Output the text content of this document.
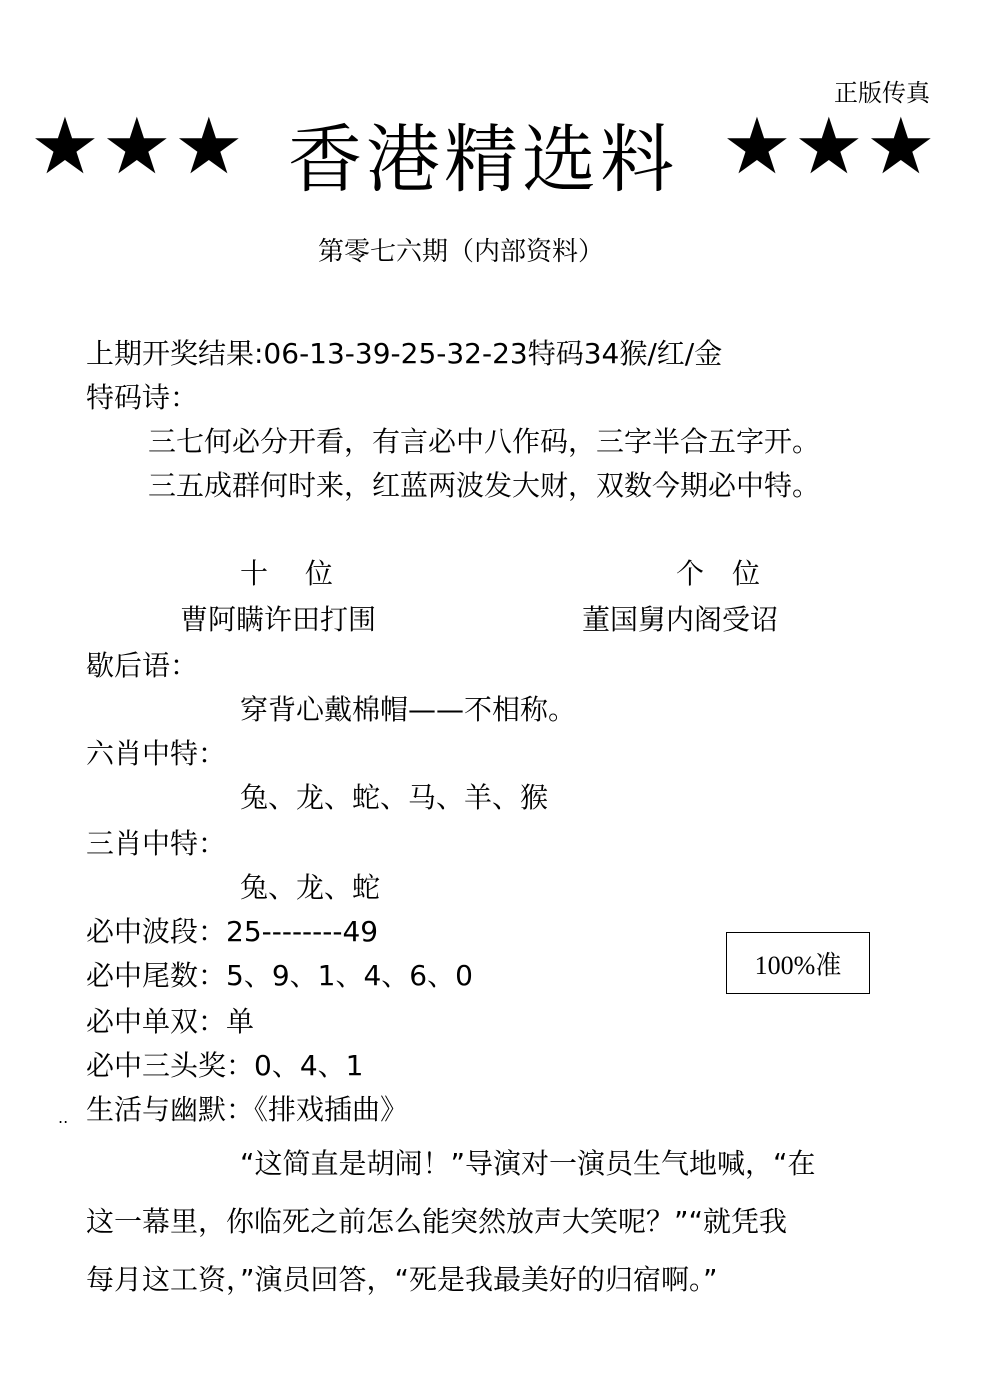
正版传真
★★★ 香港精选料 ★★★
第零七六期（内部资料）
上期开奖结果:06-13-39-25-32-23特码34猴/红/金
特码诗：
三七何必分开看，有言必中八作码，三字半合五字开。
三五成群何时来，红蓝两波发大财，双数今期必中特。
十　 位	个　位
曹阿瞒许田打围	董国舅内阁受诏
歇后语：
穿背心戴棉帽——不相称。
六肖中特：
兔、龙、蛇、马、羊、猴
三肖中特：
兔、龙、蛇
必中波段：25--------49
必中尾数：5、9、1、4、6、0
必中单双：单
必中三头奖：0、4、1
100%准
.. 生活与幽默：《排戏插曲》
“这简直是胡闹！”导演对一演员生气地喊，“在
这一幕里，你临死之前怎么能突然放声大笑呢？”“就凭我
每月这工资，”演员回答，“死是我最美好的归宿啊。”
